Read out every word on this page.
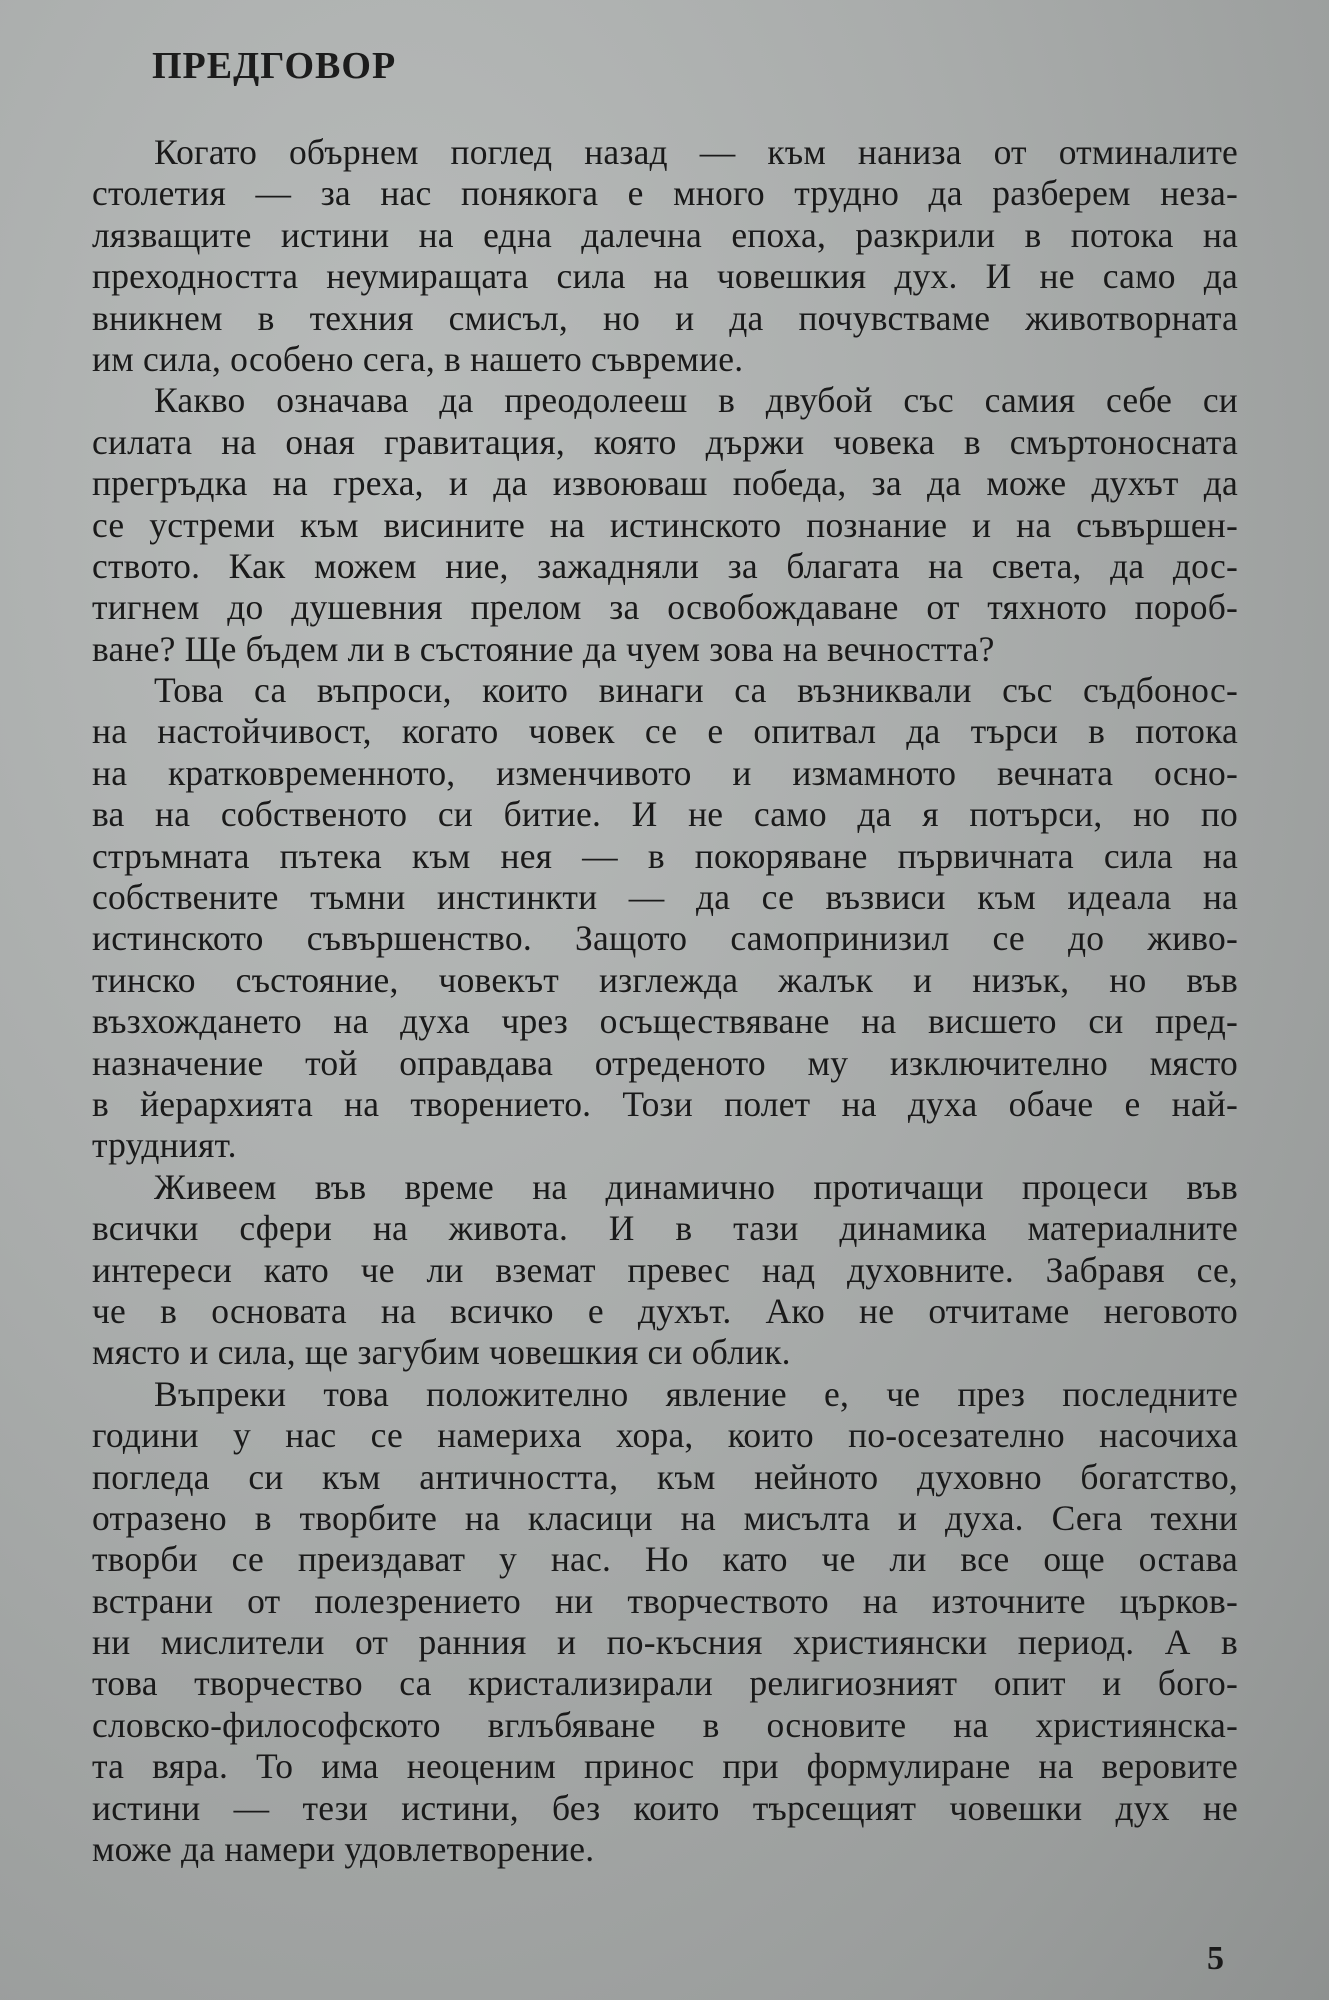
ПРЕДГОВОР

Когато обърнем поглед назад — към наниза от отминалите
столетия — за нас понякога е много трудно да разберем неза-
лязващите истини на една далечна епоха, разкрили в потока на
преходността неумиращата сила на човешкия дух. И не само да
вникнем в техния смисъл, но и да почувстваме животворната
им сила, особено сега, в нашето съвремие.

Какво означава да преодолееш в двубой със самия себе си
силата на оная гравитация, която държи човека в смъртоносната
прегръдка на греха, и да извоюваш победа, за да може духът да
се устреми към висините на истинското познание и на съвършен-
ството. Как можем ние, зажадняли за благата на света, да дос-
тигнем до душевния прелом за освобождаване от тяхното пороб-
ване? Ще бъдем ли в състояние да чуем зова на вечността?

Това са въпроси, които винаги са възниквали със съдбонос-
на настойчивост, когато човек се е опитвал да търси в потока
на кратковременното, изменчивото и измамното вечната осно-
ва на собственото си битие. И не само да я потърси, но по
стръмната пътека към нея — в покоряване първичната сила на
собствените тъмни инстинкти — да се възвиси към идеала на
истинското съвършенство. Защото самопринизил се до живо-
тинско състояние, човекът изглежда жалък и низък, но във
възхождането на духа чрез осъществяване на висшето си пред-
назначение той оправдава отреденото му изключително място
в йерархията на творението. Този полет на духа обаче е най-
трудният.

Живеем във време на динамично протичащи процеси във
всички сфери на живота. И в тази динамика материалните
интереси като че ли вземат превес над духовните. Забравя се,
че в основата на всичко е духът. Ако не отчитаме неговото
място и сила, ще загубим човешкия си облик.

Въпреки това положително явление е, че през последните
години у нас се намериха хора, които по-осезателно насочиха
погледа си към античността, към нейното духовно богатство,
отразено в творбите на класици на мисълта и духа. Сега техни
творби се преиздават у нас. Но като че ли все още остава
встрани от полезрението ни творчеството на източните църков-
ни мислители от ранния и по-късния християнски период. А в
това творчество са кристализирали религиозният опит и бого-
словско-философското вглъбяване в основите на християнска-
та вяра. То има неоценим принос при формулиране на веровите
истини — тези истини, без които търсещият човешки дух не
може да намери удовлетворение.

5
